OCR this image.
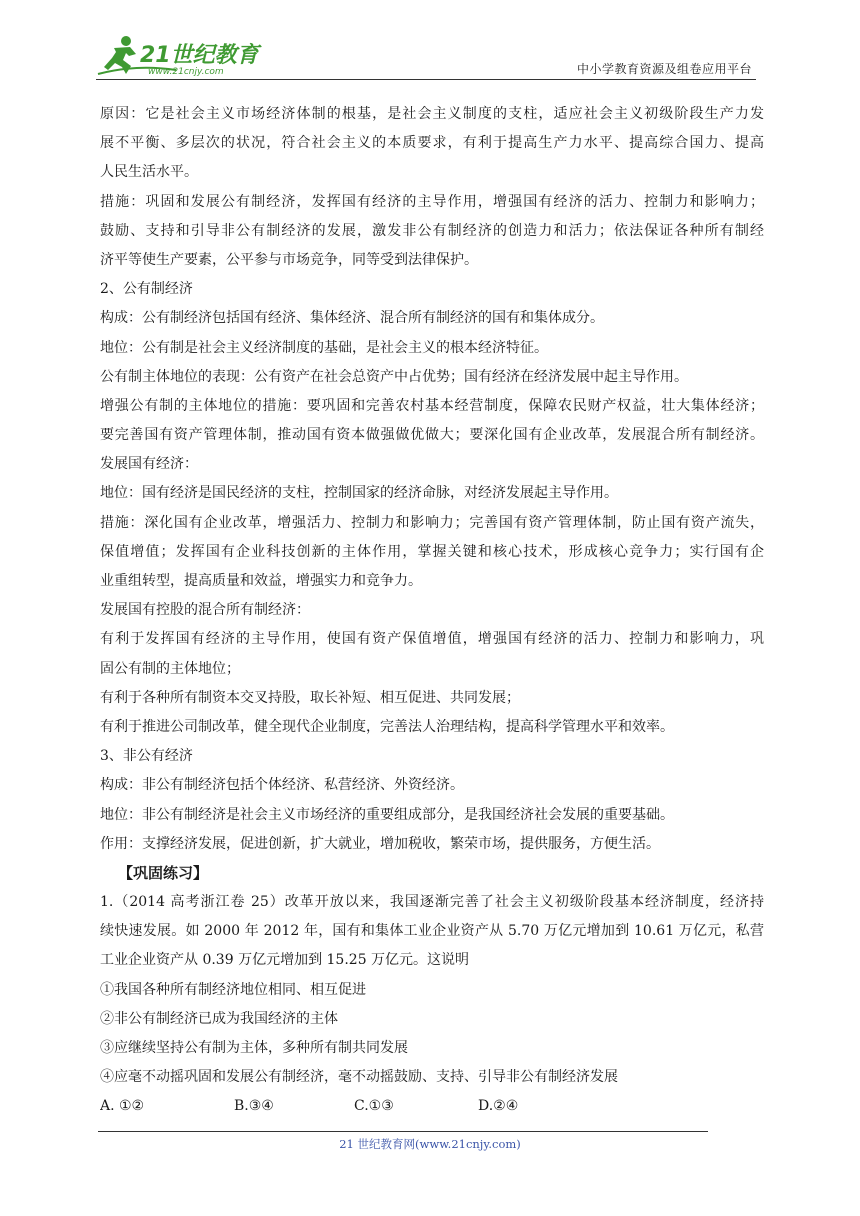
21世纪教育
www.21cnjy.com	中小学教育资源及组卷应用平台
原因：它是社会主义市场经济体制的根基，是社会主义制度的支柱，适应社会主义初级阶段生产力发
展不平衡、多层次的状况，符合社会主义的本质要求，有利于提高生产力水平、提高综合国力、提高
人民生活水平。
措施：巩固和发展公有制经济，发挥国有经济的主导作用，增强国有经济的活力、控制力和影响力；
鼓励、支持和引导非公有制经济的发展，激发非公有制经济的创造力和活力；依法保证各种所有制经
济平等使生产要素，公平参与市场竞争，同等受到法律保护。
2、公有制经济
构成：公有制经济包括国有经济、集体经济、混合所有制经济的国有和集体成分。
地位：公有制是社会主义经济制度的基础，是社会主义的根本经济特征。
公有制主体地位的表现：公有资产在社会总资产中占优势；国有经济在经济发展中起主导作用。
增强公有制的主体地位的措施：要巩固和完善农村基本经营制度，保障农民财产权益，壮大集体经济；
要完善国有资产管理体制，推动国有资本做强做优做大；要深化国有企业改革，发展混合所有制经济。
发展国有经济：
地位：国有经济是国民经济的支柱，控制国家的经济命脉，对经济发展起主导作用。
措施：深化国有企业改革，增强活力、控制力和影响力；完善国有资产管理体制，防止国有资产流失，
保值增值；发挥国有企业科技创新的主体作用，掌握关键和核心技术，形成核心竞争力；实行国有企
业重组转型，提高质量和效益，增强实力和竞争力。
发展国有控股的混合所有制经济：
有利于发挥国有经济的主导作用，使国有资产保值增值，增强国有经济的活力、控制力和影响力，巩
固公有制的主体地位；
有利于各种所有制资本交叉持股，取长补短、相互促进、共同发展；
有利于推进公司制改革，健全现代企业制度，完善法人治理结构，提高科学管理水平和效率。
3、非公有经济
构成：非公有制经济包括个体经济、私营经济、外资经济。
地位：非公有制经济是社会主义市场经济的重要组成部分，是我国经济社会发展的重要基础。
作用：支撑经济发展，促进创新，扩大就业，增加税收，繁荣市场，提供服务，方便生活。
【巩固练习】
1.（2014 高考浙江卷 25）改革开放以来，我国逐渐完善了社会主义初级阶段基本经济制度，经济持
续快速发展。如 2000 年 2012 年，国有和集体工业企业资产从 5.70 万亿元增加到 10.61 万亿元，私营
工业企业资产从 0.39 万亿元增加到 15.25 万亿元。这说明
①我国各种所有制经济地位相同、相互促进
②非公有制经济已成为我国经济的主体
③应继续坚持公有制为主体，多种所有制共同发展
④应毫不动摇巩固和发展公有制经济，毫不动摇鼓励、支持、引导非公有制经济发展
A. ①②	B.③④	C.①③	D.②④
21 世纪教育网(www.21cnjy.com)
